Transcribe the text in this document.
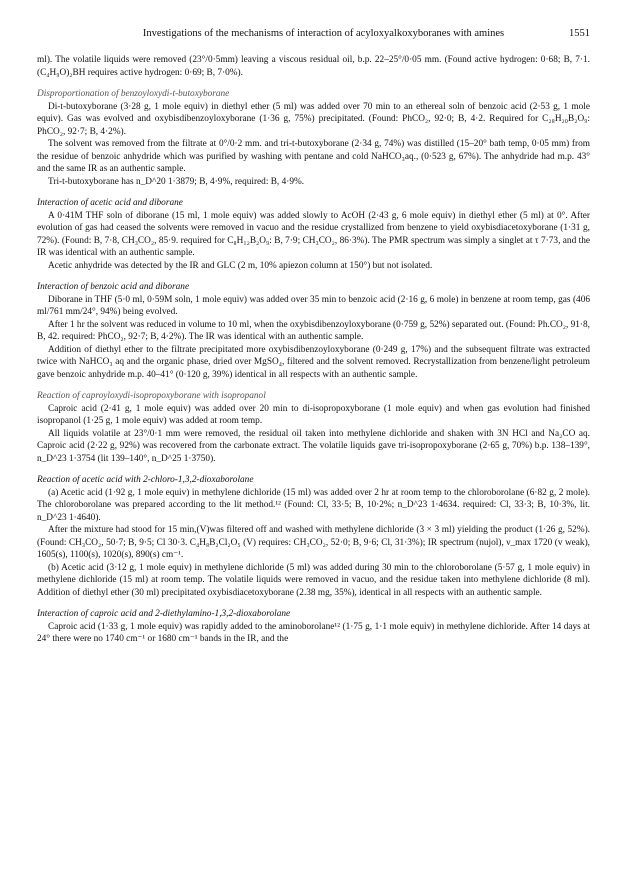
Investigations of the mechanisms of interaction of acyloxyalkoxyboranes with amines	1551

ml). The volatile liquids were removed (23°/0·5mm) leaving a viscous residual oil, b.p. 22–25°/0·05 mm. (Found active hydrogen: 0·68; B, 7·1. (C₄H₉O)₂BH requires active hydrogen: 0·69; B, 7·0%).

Disproportionation of benzoyloxydi-t-butoxyborane

Di-t-butoxyborane (3·28 g, 1 mole equiv) in diethyl ether (5 ml) was added over 70 min to an ethereal soln of benzoic acid (2·53 g, 1 mole equiv). Gas was evolved and oxybisdibenzoyloxyborane (1·36 g, 75%) precipitated. (Found: PhCO₂, 92·0; B, 4·2. Required for C₂₈H₂₀B₂O₉: PhCO₂, 92·7; B, 4·2%).

The solvent was removed from the filtrate at 0°/0·2 mm. and tri-t-butoxyborane (2·34 g, 74%) was distilled (15–20° bath temp, 0·05 mm) from the residue of benzoic anhydride which was purified by washing with pentane and cold NaHCO₃aq., (0·523 g, 67%). The anhydride had m.p. 43° and the same IR as an authentic sample.

Tri-t-butoxyborane has n_D^20 1·3879; B, 4·9%, required: B, 4·9%.

Interaction of acetic acid and diborane

A 0·41M THF soln of diborane (15 ml, 1 mole equiv) was added slowly to AcOH (2·43 g, 6 mole equiv) in diethyl ether (5 ml) at 0°. After evolution of gas had ceased the solvents were removed in vacuo and the residue crystallized from benzene to yield oxybisdiacetoxyborane (1·31 g, 72%). (Found: B, 7·8, CH₃CO₂, 85·9. required for C₈H₁₂B₂O₉: B, 7·9; CH₃CO₂, 86·3%). The PMR spectrum was simply a singlet at τ 7·73, and the IR was identical with an authentic sample.

Acetic anhydride was detected by the IR and GLC (2 m, 10% apiezon column at 150°) but not isolated.

Interaction of benzoic acid and diborane

Diborane in THF (5·0 ml, 0·59M soln, 1 mole equiv) was added over 35 min to benzoic acid (2·16 g, 6 mole) in benzene at room temp, gas (406 ml/761 mm/24°, 94%) being evolved.

After 1 hr the solvent was reduced in volume to 10 ml, when the oxybisdibenzoyloxyborane (0·759 g, 52%) separated out. (Found: Ph.CO₂, 91·8, B, 42. required: PhCO₂, 92·7; B, 4·2%). The IR was identical with an authentic sample.

Addition of diethyl ether to the filtrate precipitated more oxybisdibenzoyloxyborane (0·249 g, 17%) and the subsequent filtrate was extracted twice with NaHCO₃ aq and the organic phase, dried over MgSO₄, filtered and the solvent removed. Recrystallization from benzene/light petroleum gave benzoic anhydride m.p. 40–41° (0·120 g, 39%) identical in all respects with an authentic sample.

Reaction of caproyloxydi-isopropoxyborane with isopropanol

Caproic acid (2·41 g, 1 mole equiv) was added over 20 min to di-isopropoxyborane (1 mole equiv) and when gas evolution had finished isopropanol (1·25 g, 1 mole equiv) was added at room temp.

All liquids volatile at 23°/0·1 mm were removed, the residual oil taken into methylene dichloride and shaken with 3N HCl and Na₂CO aq. Caproic acid (2·22 g, 92%) was recovered from the carbonate extract. The volatile liquids gave tri-isopropoxyborane (2·65 g, 70%) b.p. 138–139°, n_D^23 1·3754 (lit 139–140°, n_D^25 1·3750).

Reaction of acetic acid with 2-chloro-1,3,2-dioxaborolane

(a) Acetic acid (1·92 g, 1 mole equiv) in methylene dichloride (15 ml) was added over 2 hr at room temp to the chloroborolane (6·82 g, 2 mole). The chloroborolane was prepared according to the lit method.¹² (Found: Cl, 33·5; B, 10·2%; n_D^23 1·4634. required: Cl, 33·3; B, 10·3%, lit. n_D^23 1·4640).

After the mixture had stood for 15 min,(V)was filtered off and washed with methylene dichloride (3 × 3 ml) yielding the product (1·26 g, 52%). (Found: CH₃CO₂, 50·7; B, 9·5; Cl 30·3. C₄H₈B₂Cl₂O₅ (V) requires: CH₃CO₂, 52·0; B, 9·6; Cl, 31·3%); IR spectrum (nujol), ν_max 1720 (v weak), 1605(s), 1100(s), 1020(s), 890(s) cm⁻¹.

(b) Acetic acid (3·12 g, 1 mole equiv) in methylene dichloride (5 ml) was added during 30 min to the chloroborolane (5·57 g, 1 mole equiv) in methylene dichloride (15 ml) at room temp. The volatile liquids were removed in vacuo, and the residue taken into methylene dichloride (8 ml). Addition of diethyl ether (30 ml) precipitated oxybisdiacetoxyborane (2.38 mg, 35%), identical in all respects with an authentic sample.

Interaction of caproic acid and 2-diethylamino-1,3,2-dioxaborolane

Caproic acid (1·33 g, 1 mole equiv) was rapidly added to the aminoborolane¹² (1·75 g, 1·1 mole equiv) in methylene dichloride. After 14 days at 24° there were no 1740 cm⁻¹ or 1680 cm⁻¹ bands in the IR, and the
